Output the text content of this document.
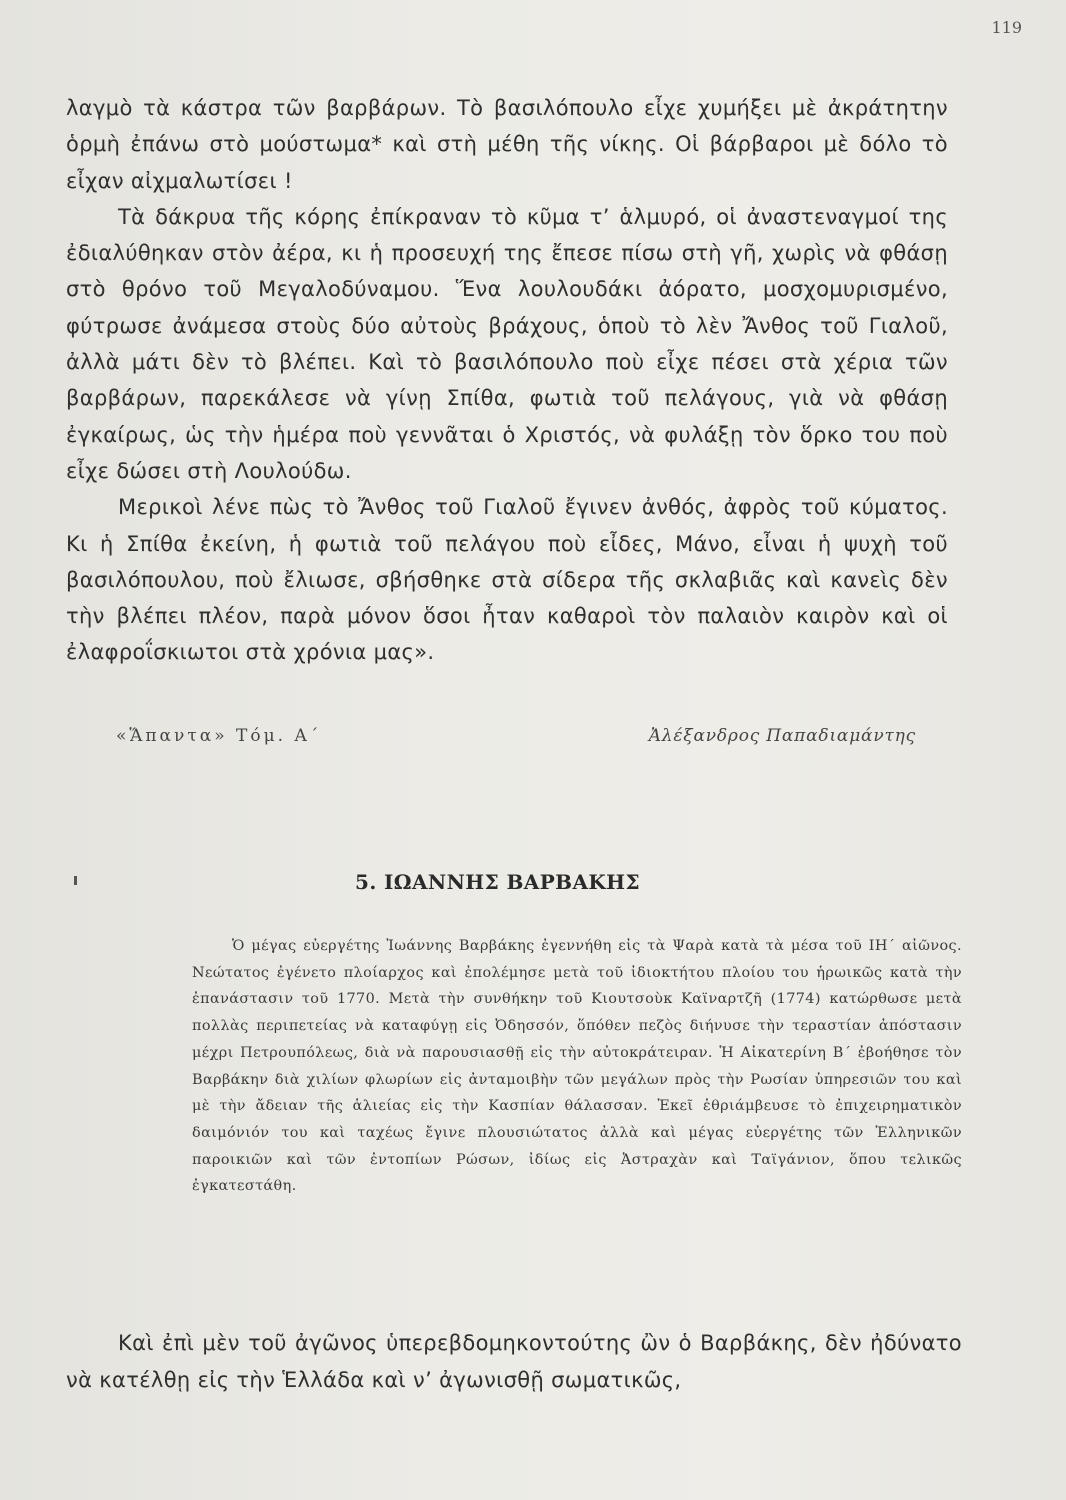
119

λαγμὸ τὰ κάστρα τῶν βαρβάρων. Τὸ βασιλόπουλο εἶχε χυμήξει μὲ ἀκράτητην ὁρμὴ ἐπάνω στὸ μούστωμα* καὶ στὴ μέθη τῆς νίκης. Οἱ βάρβαροι μὲ δόλο τὸ εἶχαν αἰχμαλωτίσει !

Τὰ δάκρυα τῆς κόρης ἐπίκραναν τὸ κῦμα τ’ ἁλμυρό, οἱ ἀναστεναγμοί της ἐδιαλύθηκαν στὸν ἀέρα, κι ἡ προσευχή της ἔπεσε πίσω στὴ γῆ, χωρὶς νὰ φθάσῃ στὸ θρόνο τοῦ Μεγαλοδύναμου. Ἕνα λουλουδάκι ἀόρατο, μοσχομυρισμένο, φύτρωσε ἀνάμεσα στοὺς δύο αὐτοὺς βράχους, ὁποὺ τὸ λὲν Ἄνθος τοῦ Γιαλοῦ, ἀλλὰ μάτι δὲν τὸ βλέπει. Καὶ τὸ βασιλόπουλο ποὺ εἶχε πέσει στὰ χέρια τῶν βαρβάρων, παρεκάλεσε νὰ γίνῃ Σπίθα, φωτιὰ τοῦ πελάγους, γιὰ νὰ φθάσῃ ἐγκαίρως, ὡς τὴν ἡμέρα ποὺ γεννᾶται ὁ Χριστός, νὰ φυλάξῃ τὸν ὅρκο του ποὺ εἶχε δώσει στὴ Λουλούδω.

Μερικοὶ λένε πὼς τὸ Ἄνθος τοῦ Γιαλοῦ ἔγινεν ἀνθός, ἀφρὸς τοῦ κύματος. Κι ἡ Σπίθα ἐκείνη, ἡ φωτιὰ τοῦ πελάγου ποὺ εἶδες, Μάνο, εἶναι ἡ ψυχὴ τοῦ βασιλόπουλου, ποὺ ἔλιωσε, σβήσθηκε στὰ σίδερα τῆς σκλαβιᾶς καὶ κανεὶς δὲν τὴν βλέπει πλέον, παρὰ μόνον ὅσοι ἦταν καθαροὶ τὸν παλαιὸν καιρὸν καὶ οἱ ἐλαφροΐσκιωτοι στὰ χρόνια μας».

«Ἅπαντα» Τόμ. Α΄	Ἀλέξανδρος Παπαδιαμάντης
5. ΙΩΑΝΝΗΣ ΒΑΡΒΑΚΗΣ

Ὁ μέγας εὐεργέτης Ἰωάννης Βαρβάκης ἐγεννήθη εἰς τὰ Ψαρὰ κατὰ τὰ μέσα τοῦ ΙΗ΄ αἰῶνος. Νεώτατος ἐγένετο πλοίαρχος καὶ ἐπολέμησε μετὰ τοῦ ἰδιοκτήτου πλοίου του ἡρωικῶς κατὰ τὴν ἐπανάστασιν τοῦ 1770. Μετὰ τὴν συνθήκην τοῦ Κιουτσοὺκ Καϊναρτζῆ (1774) κατώρθωσε μετὰ πολλὰς περιπετείας νὰ καταφύγῃ εἰς Ὀδησσόν, ὅπόθεν πεζὸς διήνυσε τὴν τεραστίαν ἀπόστασιν μέχρι Πετρουπόλεως, διὰ νὰ παρουσιασθῇ εἰς τὴν αὐτοκράτειραν. Ἡ Αἰκατερίνη Β΄ ἐβοήθησε τὸν Βαρβάκην διὰ χιλίων φλωρίων εἰς ἀνταμοιβὴν τῶν μεγάλων πρὸς τὴν Ρωσίαν ὑπηρεσιῶν του καὶ μὲ τὴν ἄδειαν τῆς ἁλιείας εἰς τὴν Κασπίαν θάλασσαν. Ἐκεῖ ἐθριάμβευσε τὸ ἐπιχειρηματικὸν δαιμόνιόν του καὶ ταχέως ἔγινε πλουσιώτατος ἀλλὰ καὶ μέγας εὐεργέτης τῶν Ἑλληνικῶν παροικιῶν καὶ τῶν ἐντοπίων Ρώσων, ἰδίως εἰς Ἀστραχὰν καὶ Ταϊγάνιον, ὅπου τελικῶς ἐγκατεστάθη.

Καὶ ἐπὶ μὲν τοῦ ἀγῶνος ὑπερεβδομηκοντούτης ὢν ὁ Βαρβάκης, δὲν ἠδύνατο νὰ κατέλθῃ εἰς τὴν Ἑλλάδα καὶ ν’ ἀγωνισθῇ σωματικῶς,
